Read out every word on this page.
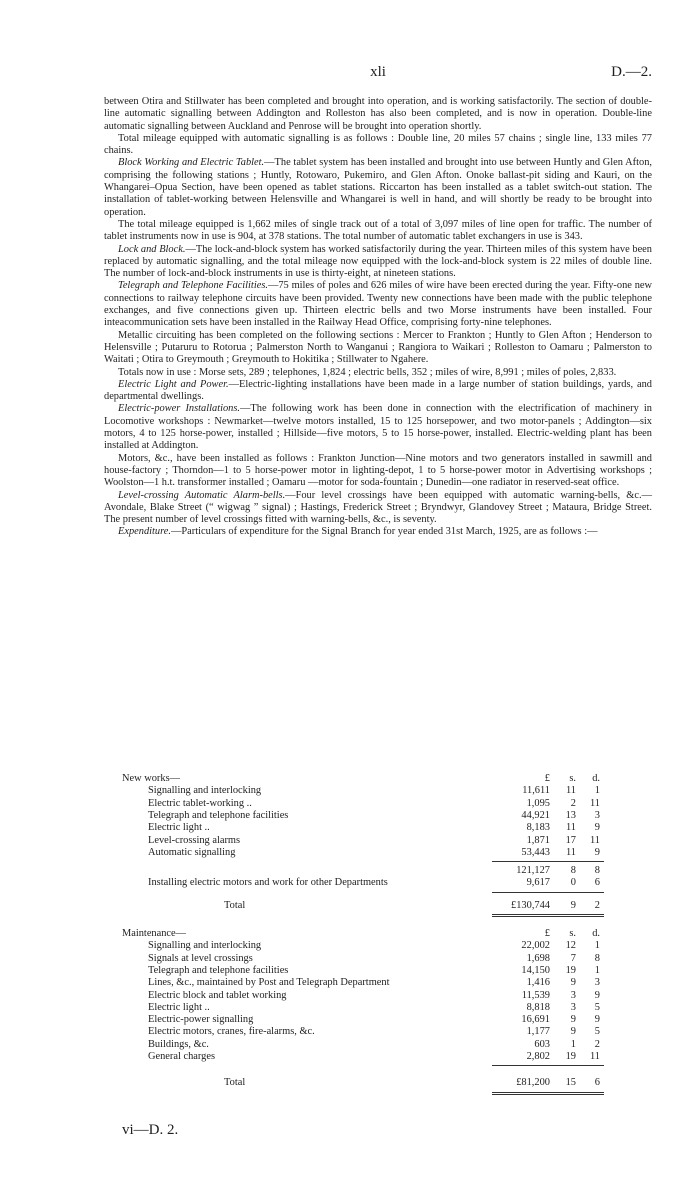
xli	D.—2.

between Otira and Stillwater has been completed and brought into operation, and is working satisfactorily. The section of double-line automatic signalling between Addington and Rolleston has also been completed, and is now in operation. Double-line automatic signalling between Auckland and Penrose will be brought into operation shortly.

Total mileage equipped with automatic signalling is as follows : Double line, 20 miles 57 chains ; single line, 133 miles 77 chains.

Block Working and Electric Tablet.—The tablet system has been installed and brought into use between Huntly and Glen Afton, comprising the following stations ; Huntly, Rotowaro, Pukemiro, and Glen Afton. Onoke ballast-pit siding and Kauri, on the Whangarei–Opua Section, have been opened as tablet stations. Riccarton has been installed as a tablet switch-out station. The installation of tablet-working between Helensville and Whangarei is well in hand, and will shortly be ready to be brought into operation.

The total mileage equipped is 1,662 miles of single track out of a total of 3,097 miles of line open for traffic. The number of tablet instruments now in use is 904, at 378 stations. The total number of automatic tablet exchangers in use is 343.

Lock and Block.—The lock-and-block system has worked satisfactorily during the year. Thirteen miles of this system have been replaced by automatic signalling, and the total mileage now equipped with the lock-and-block system is 22 miles of double line. The number of lock-and-block instruments in use is thirty-eight, at nineteen stations.

Telegraph and Telephone Facilities.—75 miles of poles and 626 miles of wire have been erected during the year. Fifty-one new connections to railway telephone circuits have been provided. Twenty new connections have been made with the public telephone exchanges, and five connections given up. Thirteen electric bells and two Morse instruments have been installed. Four inteacommunication sets have been installed in the Railway Head Office, comprising forty-nine telephones.

Metallic circuiting has been completed on the following sections : Mercer to Frankton ; Huntly to Glen Afton ; Henderson to Helensville ; Putaruru to Rotorua ; Palmerston North to Wanganui ; Rangiora to Waikari ; Rolleston to Oamaru ; Palmerston to Waitati ; Otira to Greymouth ; Greymouth to Hokitika ; Stillwater to Ngahere.

Totals now in use : Morse sets, 289 ; telephones, 1,824 ; electric bells, 352 ; miles of wire, 8,991 ; miles of poles, 2,833.

Electric Light and Power.—Electric-lighting installations have been made in a large number of station buildings, yards, and departmental dwellings.

Electric-power Installations.—The following work has been done in connection with the electrification of machinery in Locomotive workshops : Newmarket—twelve motors installed, 15 to 125 horsepower, and two motor-panels ; Addington—six motors, 4 to 125 horse-power, installed ; Hillside—five motors, 5 to 15 horse-power, installed. Electric-welding plant has been installed at Addington.

Motors, &c., have been installed as follows : Frankton Junction—Nine motors and two generators installed in sawmill and house-factory ; Thorndon—1 to 5 horse-power motor in lighting-depot, 1 to 5 horse-power motor in Advertising workshops ; Woolston—1 h.t. transformer installed ; Oamaru —motor for soda-fountain ; Dunedin—one radiator in reserved-seat office.

Level-crossing Automatic Alarm-bells.—Four level crossings have been equipped with automatic warning-bells, &c.—Avondale, Blake Street (“ wigwag ” signal) ; Hastings, Frederick Street ; Bryndwyr, Glandovey Street ; Mataura, Bridge Street. The present number of level crossings fitted with warning-bells, &c., is seventy.

Expenditure.—Particulars of expenditure for the Signal Branch for year ended 31st March, 1925, are as follows :—

New works—	£	s.	d.
Signalling and interlocking	11,611	11	1
Electric tablet-working ..	1,095	2	11
Telegraph and telephone facilities	44,921	13	3
Electric light ..	8,183	11	9
Level-crossing alarms	1,871	17	11
Automatic signalling	53,443	11	9
121,127	8	8
Installing electric motors and work for other Departments	9,617	0	6
Total	£130,744	9	2
Maintenance—	£	s.	d.
Signalling and interlocking	22,002	12	1
Signals at level crossings	1,698	7	8
Telegraph and telephone facilities	14,150	19	1
Lines, &c., maintained by Post and Telegraph Department	1,416	9	3
Electric block and tablet working	11,539	3	9
Electric light ..	8,818	3	5
Electric-power signalling	16,691	9	9
Electric motors, cranes, fire-alarms, &c.	1,177	9	5
Buildings, &c.	603	1	2
General charges	2,802	19	11
Total	£81,200	15	6
vi—D. 2.
